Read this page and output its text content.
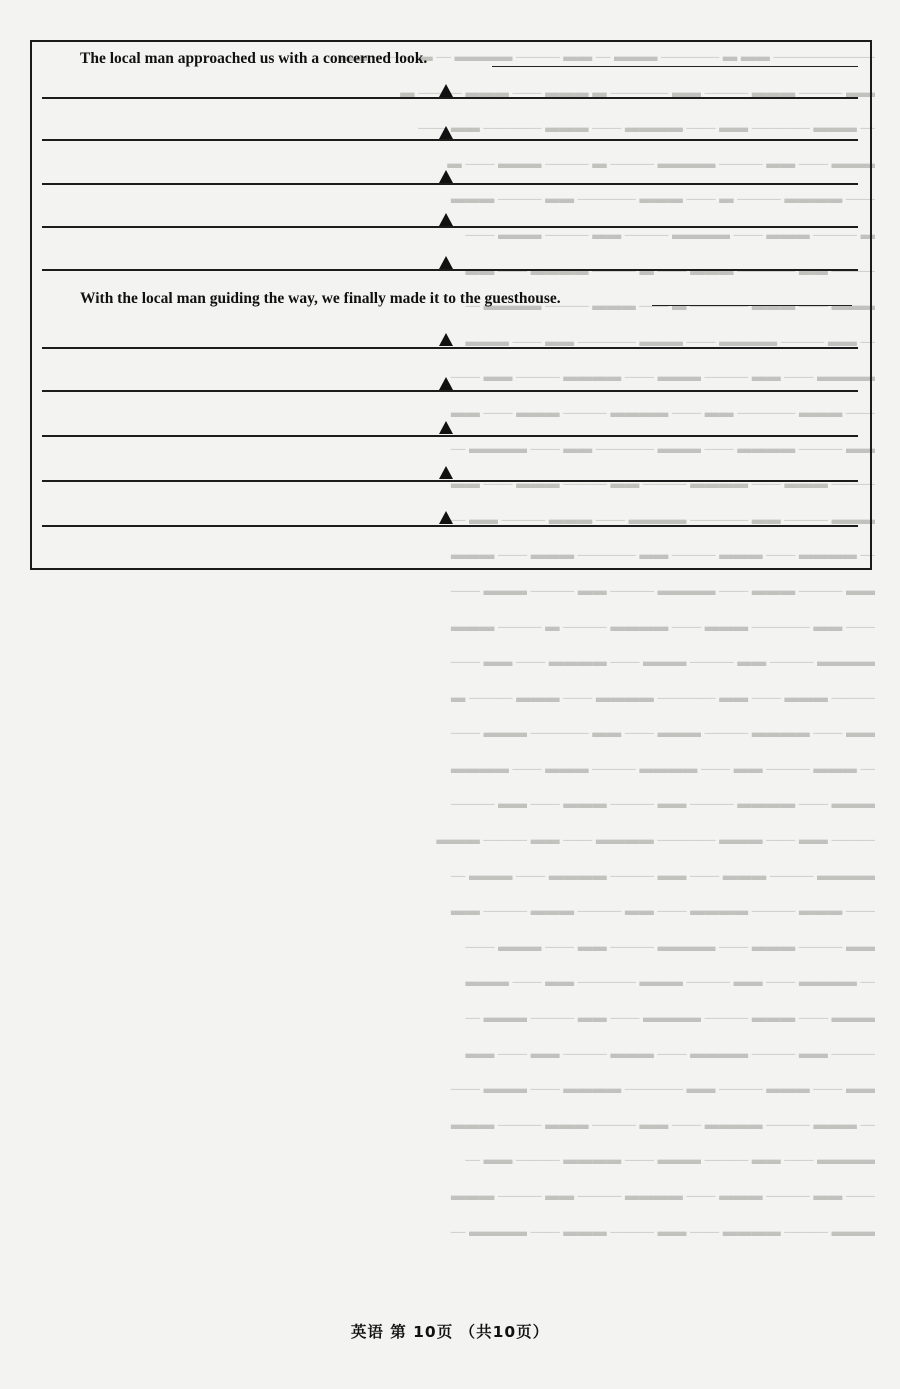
——————— ▬▬ ▬ ———— ▬▬▬ — ▬▬ ——— ▬▬▬▬ — ▬ ——— ▬▬
▬▬ ——— ▬▬▬ ——— ▬▬ ———— ▬ ▬▬▬ —— ▬▬▬ ——— ▬
— ▬▬▬ ———— ▬▬ —— ▬▬▬▬ —— ▬▬▬ ———— ▬▬ ——
▬▬▬ —— ▬▬ ——— ▬▬▬▬ ——— ▬ ——— ▬▬▬ —— ▬
—— ▬▬▬▬ ——— ▬ —— ▬▬▬ ———— ▬▬ ——— ▬▬▬
▬ ——— ▬▬▬ —— ▬▬▬▬ ——— ▬▬ ——— ▬▬▬ ——
——— ▬▬ ———— ▬▬▬ —— ▬ ——— ▬▬▬▬ —— ▬▬
▬▬▬ —— ▬▬▬ ———— ▬ —— ▬▬▬ ——— ▬▬▬▬ —
— ▬▬ ——— ▬▬▬▬ —— ▬▬▬ ———— ▬▬ —— ▬▬▬
▬▬▬▬ —— ▬▬ ——— ▬▬▬ —— ▬▬▬▬ ——— ▬▬ ——
—— ▬▬▬ ———— ▬▬ —— ▬▬▬▬ ——— ▬▬▬ —— ▬▬
▬▬ ——— ▬▬▬▬ —— ▬▬▬ ———— ▬▬ —— ▬▬▬▬ —
——— ▬▬▬ —— ▬▬▬▬ ——— ▬▬ ——— ▬▬▬ —— ▬▬
▬▬▬ ——— ▬▬ ———— ▬▬▬▬ —— ▬▬▬ ——— ▬▬ —
— ▬▬▬▬ —— ▬▬▬ ——— ▬▬ ———— ▬▬▬ —— ▬▬▬
▬▬ ——— ▬▬▬ —— ▬▬▬▬ ——— ▬▬ ——— ▬▬▬ ——
—— ▬▬ ———— ▬▬▬ —— ▬▬▬▬ ——— ▬ ——— ▬▬▬
▬▬▬▬ ——— ▬▬ ——— ▬▬▬ —— ▬▬▬▬ —— ▬▬ ——
——— ▬▬▬ —— ▬▬ ———— ▬▬▬▬ —— ▬▬▬ ——— ▬
▬▬ —— ▬▬▬▬ ——— ▬▬▬ —— ▬▬ ———— ▬▬▬ ——
— ▬▬▬ ——— ▬▬ —— ▬▬▬▬ ——— ▬▬▬ —— ▬▬▬▬
▬▬▬ —— ▬▬▬▬ ——— ▬▬ ——— ▬▬▬ —— ▬▬ ———
——— ▬▬ —— ▬▬▬ ———— ▬▬▬▬ —— ▬▬ ——— ▬▬▬
▬▬▬▬ ——— ▬▬▬ —— ▬▬ ——— ▬▬▬▬ —— ▬▬▬ —
—— ▬▬▬ ——— ▬▬▬▬ —— ▬▬ ——— ▬▬▬ ——— ▬▬
▬▬ ——— ▬▬▬ —— ▬▬▬▬ ——— ▬▬ —— ▬▬▬ ——
— ▬▬▬▬ —— ▬▬ ——— ▬▬▬ ———— ▬▬ —— ▬▬▬
▬▬▬ —— ▬▬▬ ——— ▬▬▬▬ —— ▬▬ ——— ▬▬▬ —
——— ▬▬ ——— ▬▬▬▬ —— ▬▬▬ ——— ▬▬ —— ▬▬
▬▬ —— ▬▬▬ ——— ▬▬ ———— ▬▬▬▬ —— ▬▬▬ ——
— ▬▬▬ ——— ▬▬▬▬ —— ▬▬ ——— ▬▬▬ ——— ▬▬▬
▬▬▬▬ —— ▬▬ ——— ▬▬▬ —— ▬▬▬▬ ——— ▬▬ —
—— ▬▬ ——— ▬▬▬ —— ▬▬▬▬ ——— ▬▬ ——— ▬▬▬
▬▬▬ ——— ▬▬▬▬ —— ▬▬ ——— ▬▬▬ —— ▬▬▬▬ —
The local man approached us with a concerned look.
With the local man guiding the way, we finally made it to the guesthouse.
英语 第 10页 （共10页）
